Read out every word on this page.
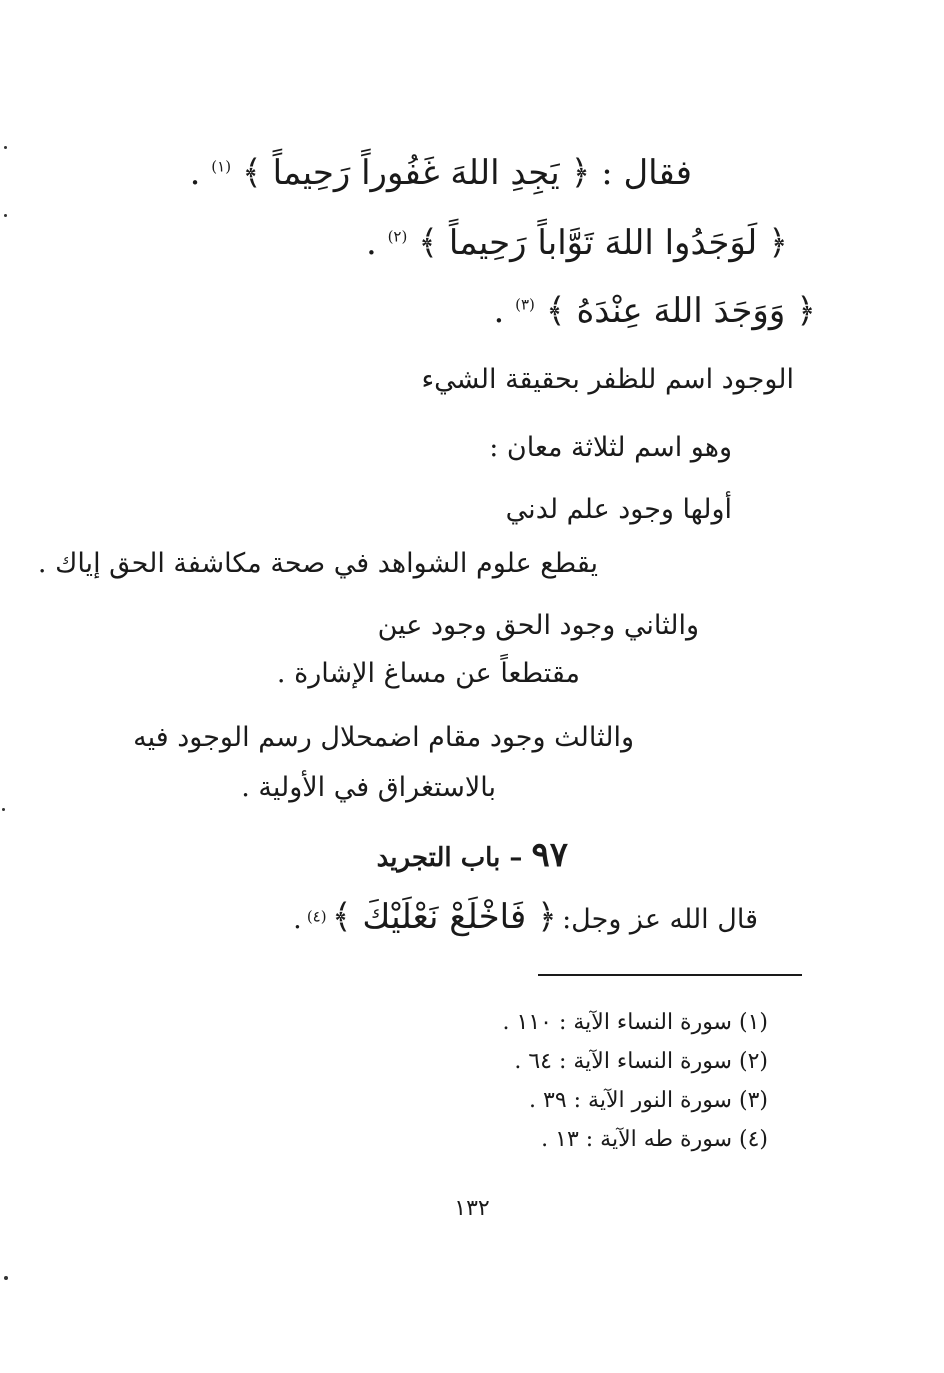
فقال : ﴿ يَجِدِ اللهَ غَفُوراً رَحِيماً ﴾ $^{(١)}$ .
﴿ لَوَجَدُوا اللهَ تَوَّاباً رَحِيماً ﴾ $^{(٢)}$ .
﴿ وَوَجَدَ اللهَ عِنْدَهُ ﴾ $^{(٣)}$ .
الوجود اسم للظفر بحقيقة الشيء
وهو اسم لثلاثة معان :
أولها وجود علم لدني
يقطع علوم الشواهد في صحة مكاشفة الحق إياك .
والثاني وجود الحق وجود عين
مقتطعاً عن مساغ الإشارة .
والثالث وجود مقام اضمحلال رسم الوجود فيه
بالاستغراق في الأولية .
٩٧ – باب التجريد
قال الله عز وجل: ﴿ فَاخْلَعْ نَعْلَيْكَ ﴾ $^{(٤)}$ .
(١) سورة النساء الآية : ١١٠ .
(٢) سورة النساء الآية : ٦٤ .
(٣) سورة النور الآية : ٣٩ .
(٤) سورة طه الآية : ١٣ .
١٣٢
